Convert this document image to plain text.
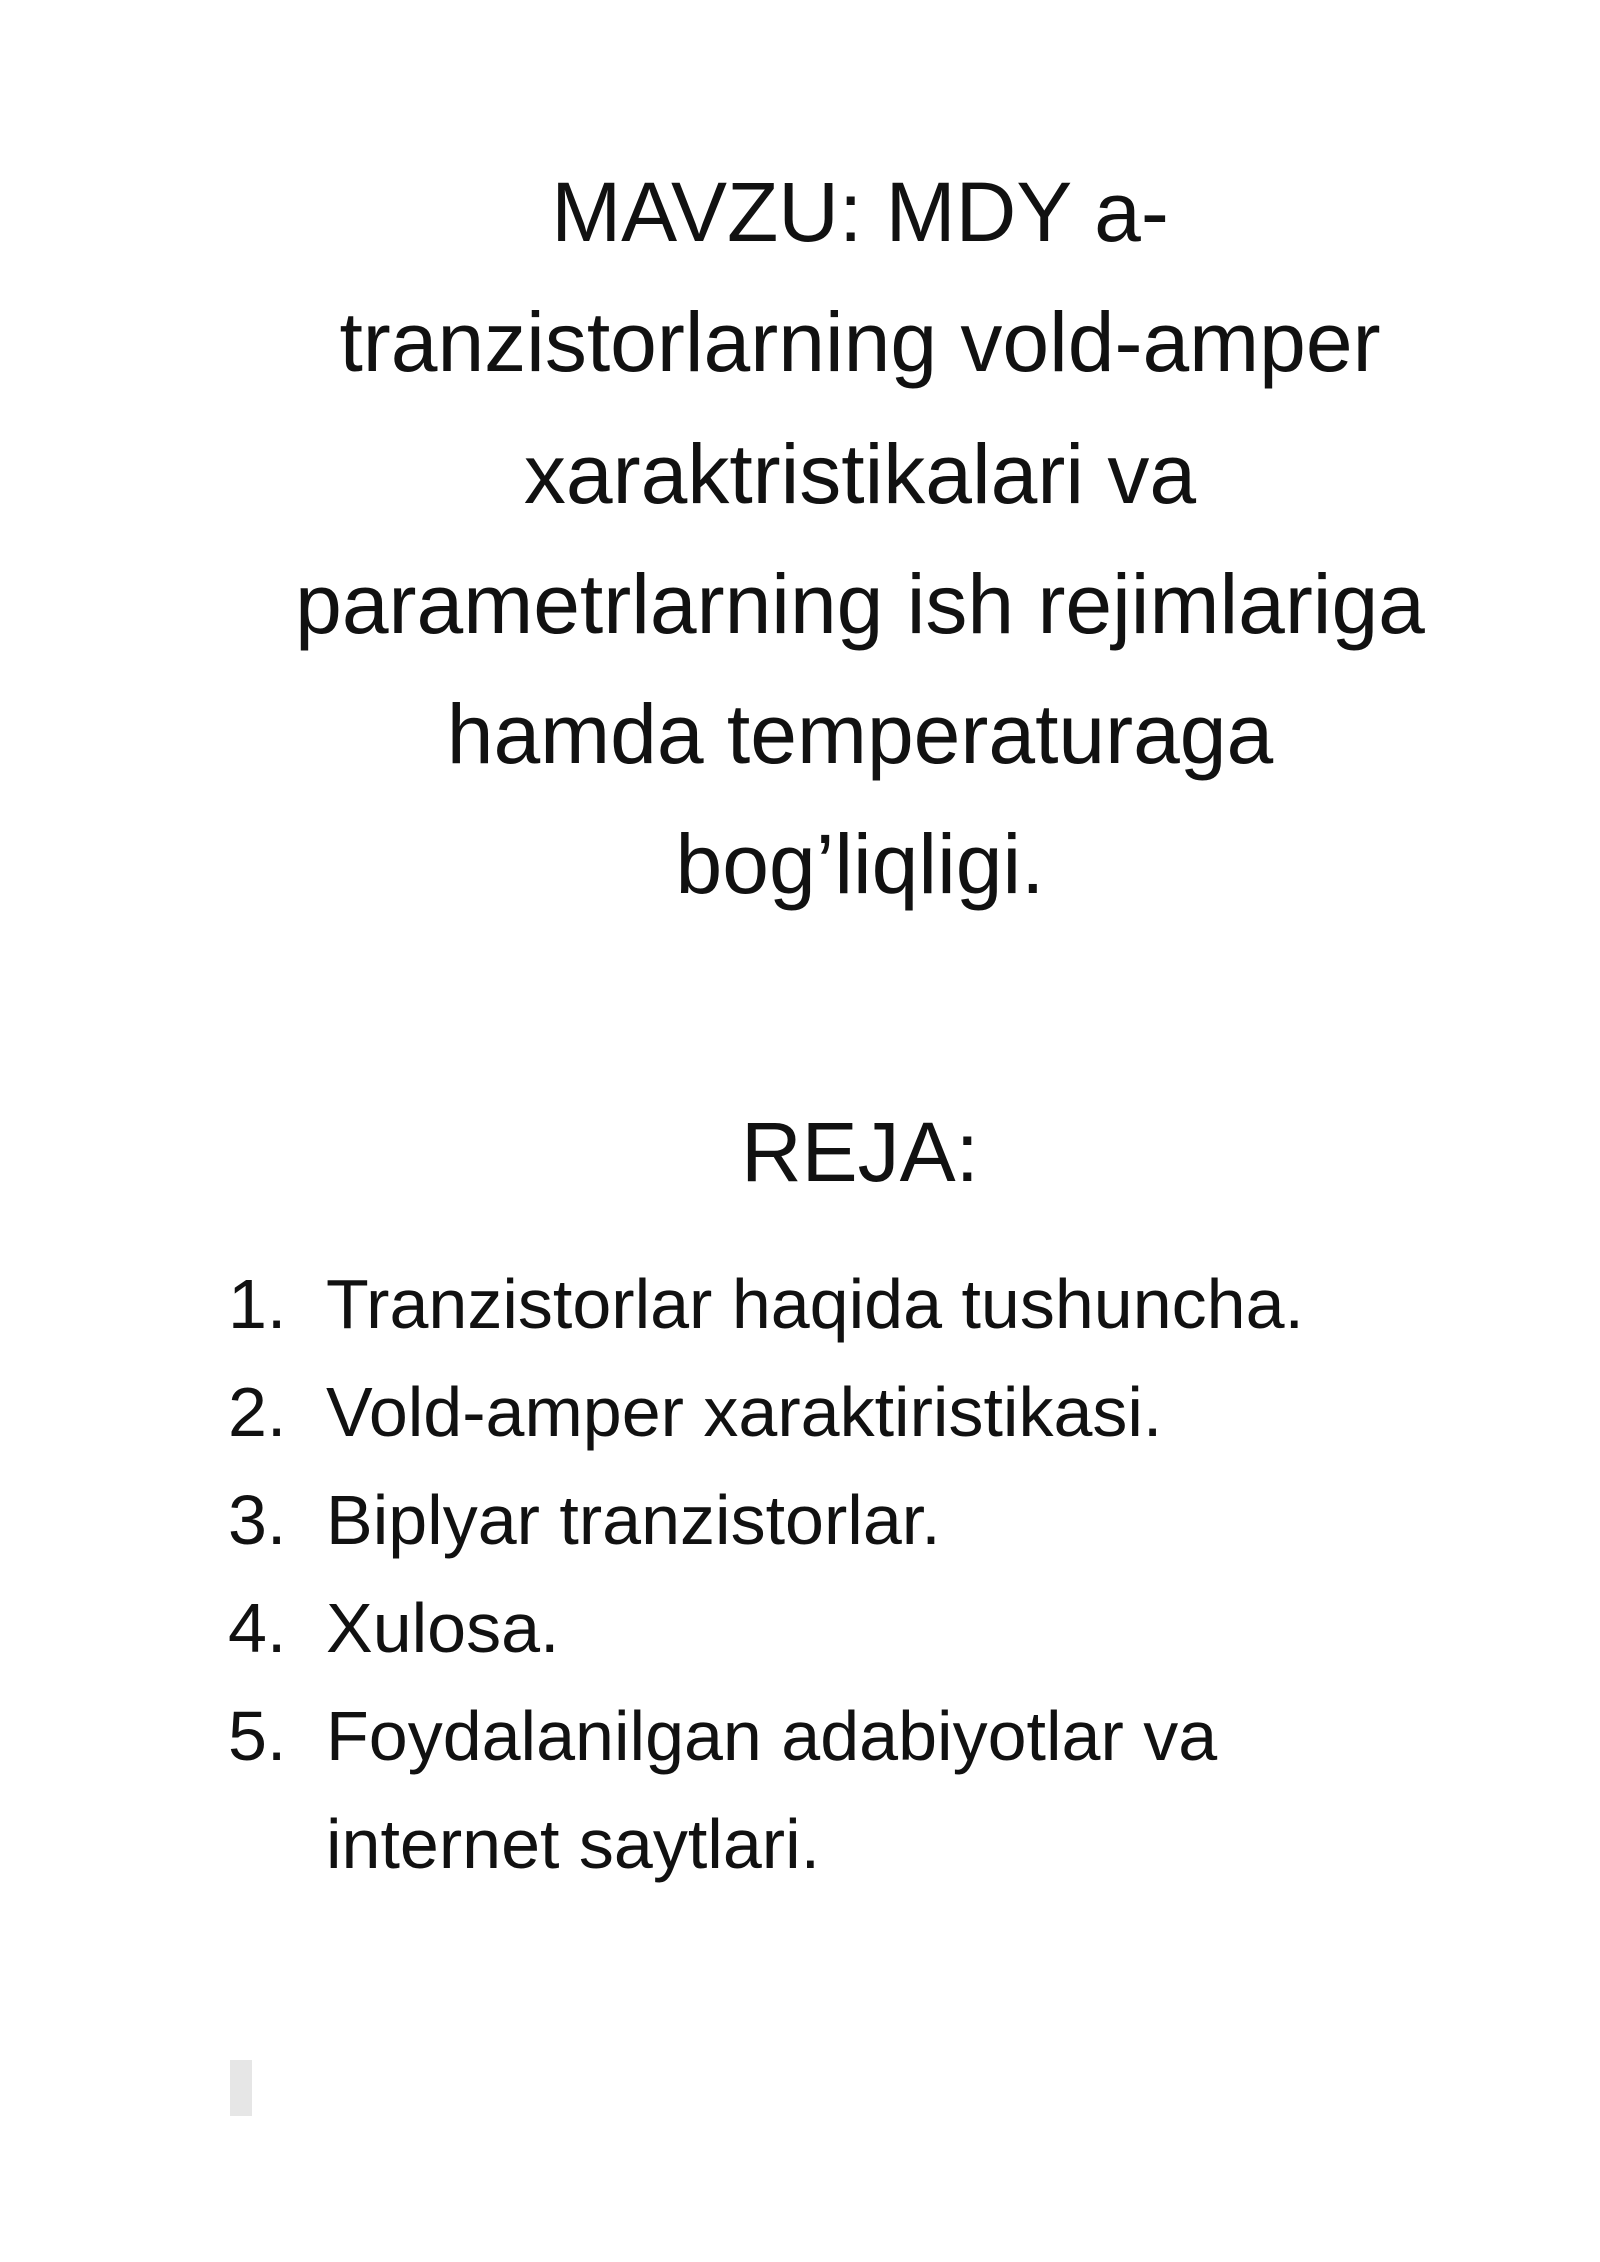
MAVZU: MDY a-
tranzistorlarning vold-amper
xaraktristikalari va
parametrlarning ish rejimlariga
hamda temperaturaga
bog’liqligi.
REJA:
1. Tranzistorlar haqida tushuncha.
2. Vold-amper xaraktiristikasi.
3. Biplyar tranzistorlar.
4. Xulosa.
5. Foydalanilgan adabiyotlar va internet saytlari.
